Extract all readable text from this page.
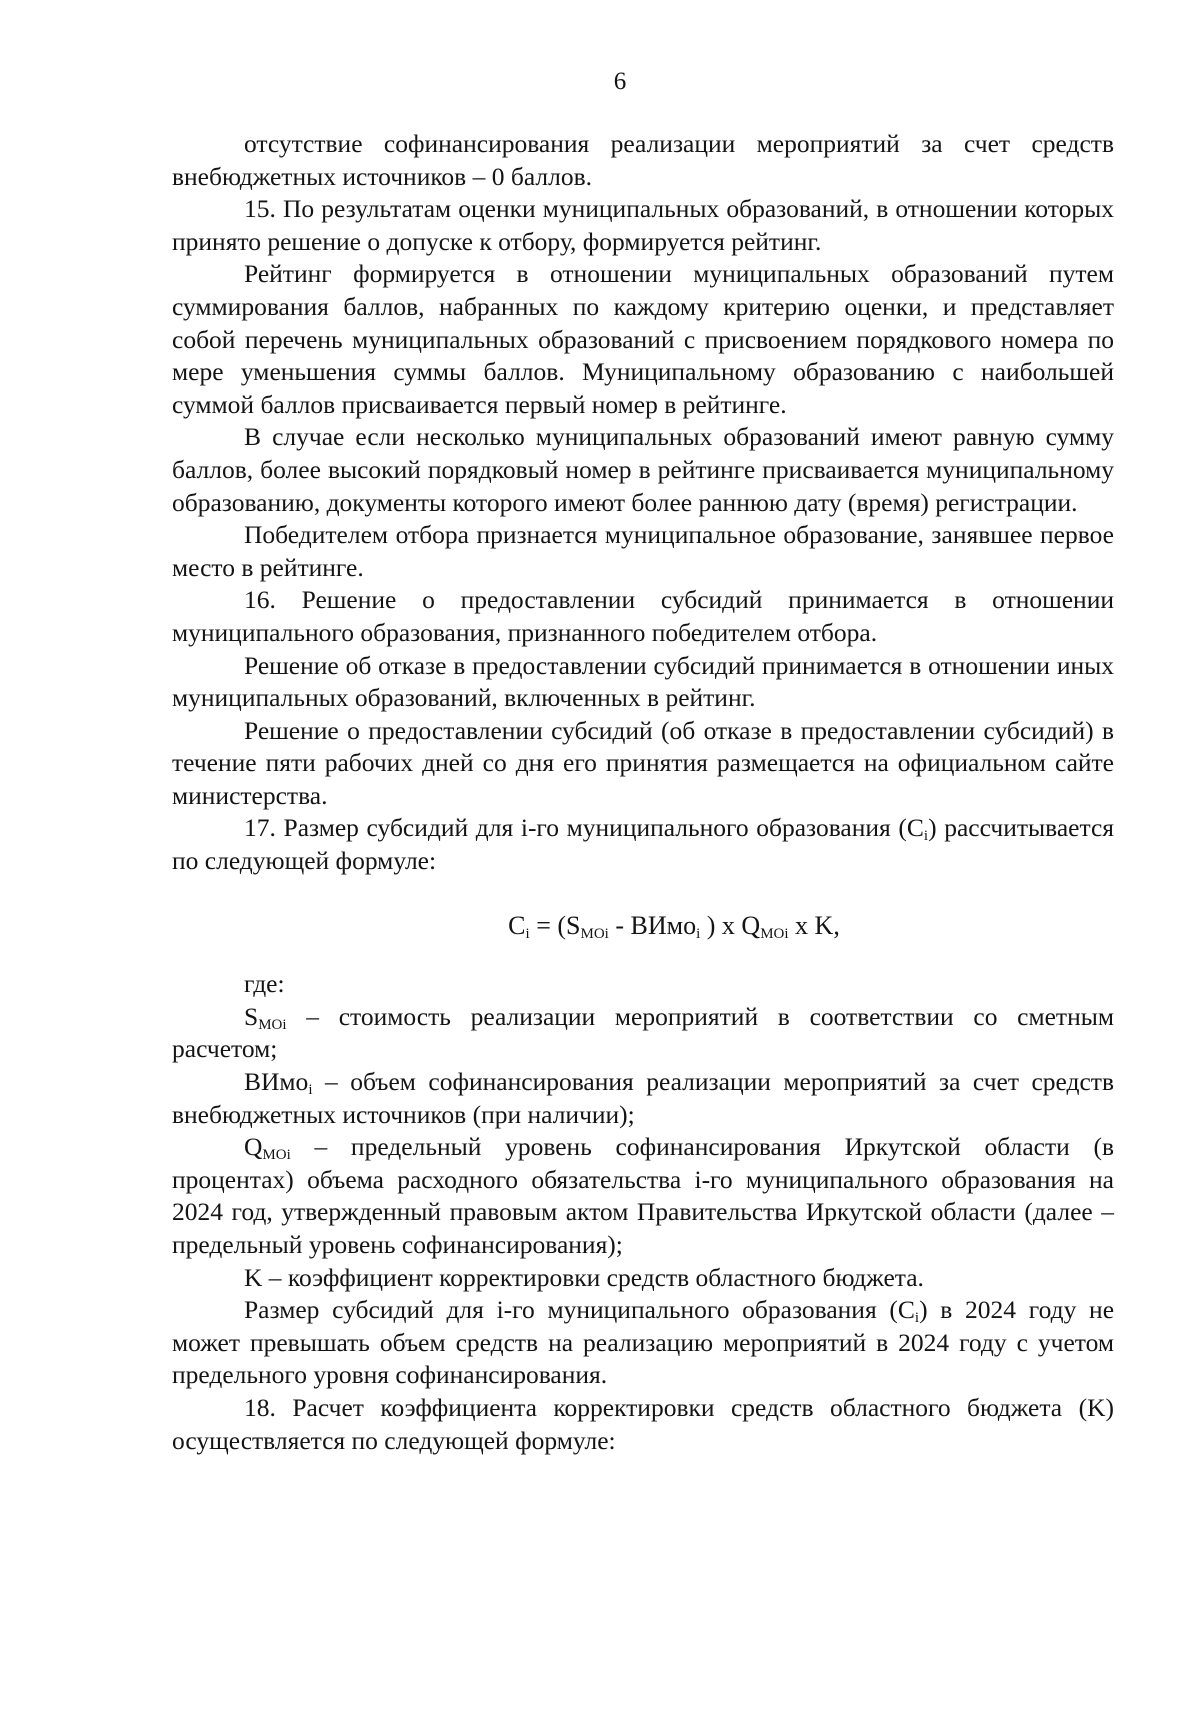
6

отсутствие софинансирования реализации мероприятий за счет средств внебюджетных источников – 0 баллов.

15. По результатам оценки муниципальных образований, в отношении которых принято решение о допуске к отбору, формируется рейтинг.

Рейтинг формируется в отношении муниципальных образований путем суммирования баллов, набранных по каждому критерию оценки, и представляет собой перечень муниципальных образований с присвоением порядкового номера по мере уменьшения суммы баллов. Муниципальному образованию с наибольшей суммой баллов присваивается первый номер в рейтинге.

В случае если несколько муниципальных образований имеют равную сумму баллов, более высокий порядковый номер в рейтинге присваивается муниципальному образованию, документы которого имеют более раннюю дату (время) регистрации.

Победителем отбора признается муниципальное образование, занявшее первое место в рейтинге.

16. Решение о предоставлении субсидий принимается в отношении муниципального образования, признанного победителем отбора.

Решение об отказе в предоставлении субсидий принимается в отношении иных муниципальных образований, включенных в рейтинг.

Решение о предоставлении субсидий (об отказе в предоставлении субсидий) в течение пяти рабочих дней со дня его принятия размещается на официальном сайте министерства.

17. Размер субсидий для i-го муниципального образования $(C_i)$ рассчитывается по следующей формуле:

$C_i = (S_{MOi}$ - ВИмо$_i$ ) x $Q_{MOi}$ x K,

где:

$S_{MOi}$ – стоимость реализации мероприятий в соответствии со сметным расчетом;

ВИмо$_i$ – объем софинансирования реализации мероприятий за счет средств внебюджетных источников (при наличии);

$Q_{MOi}$ – предельный уровень софинансирования Иркутской области (в процентах) объема расходного обязательства i-го муниципального образования на 2024 год, утвержденный правовым актом Правительства Иркутской области (далее – предельный уровень софинансирования);

K – коэффициент корректировки средств областного бюджета.

Размер субсидий для i-го муниципального образования $(C_i)$ в 2024 году не может превышать объем средств на реализацию мероприятий в 2024 году с учетом предельного уровня софинансирования.

18. Расчет коэффициента корректировки средств областного бюджета (K) осуществляется по следующей формуле:
